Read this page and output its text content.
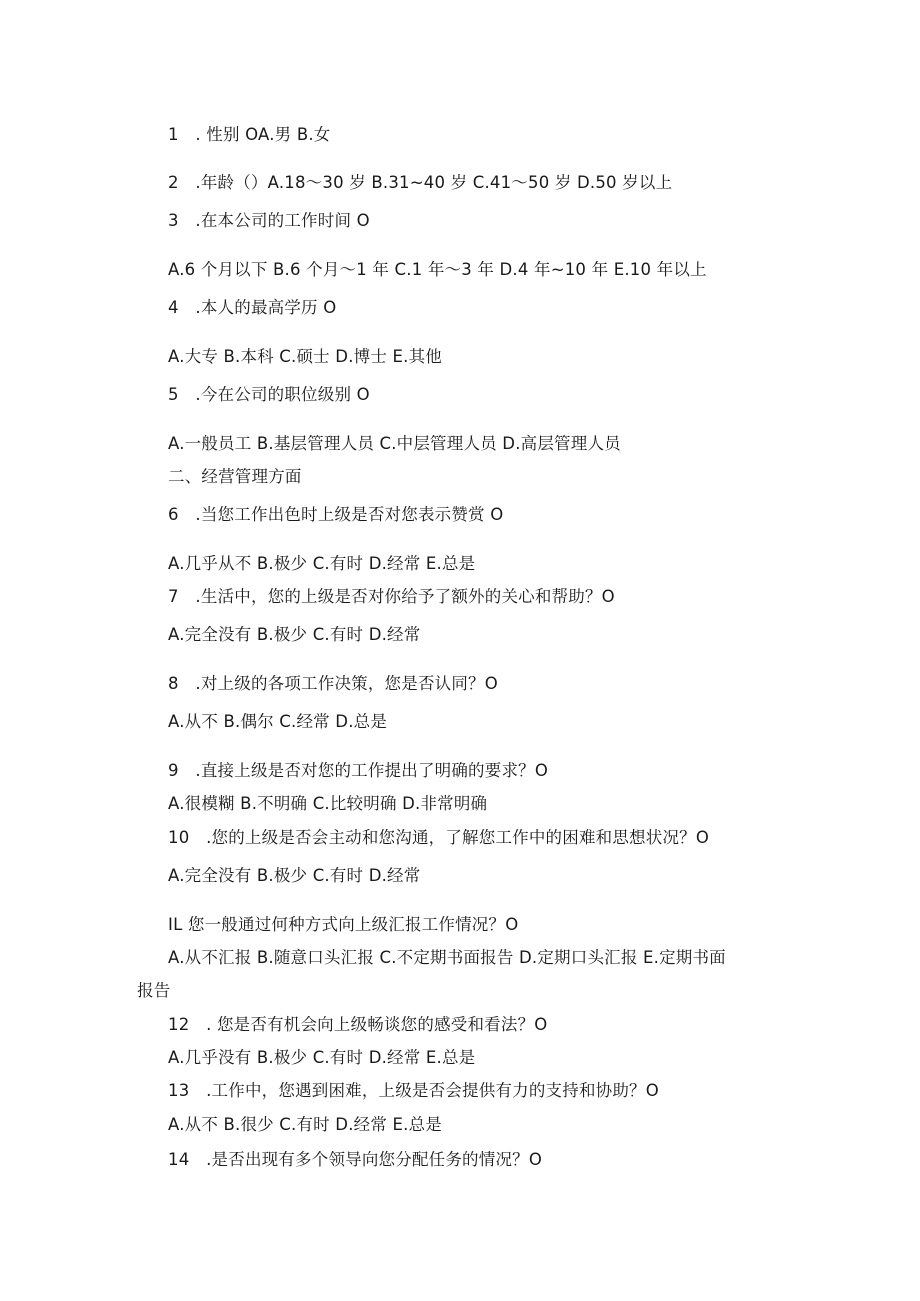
1　. 性别 OA.男 B.女
2　.年龄（）A.18～30 岁 B.31~40 岁 C.41～50 岁 D.50 岁以上
3　.在本公司的工作时间 O
A.6 个月以下 B.6 个月～1 年 C.1 年～3 年 D.4 年~10 年 E.10 年以上
4　.本人的最高学历 O
A.大专 B.本科 C.硕士 D.博士 E.其他
5　.今在公司的职位级别 O
A.一般员工 B.基层管理人员 C.中层管理人员 D.高层管理人员
二、经营管理方面
6　.当您工作出色时上级是否对您表示赞赏 O
A.几乎从不 B.极少 C.有时 D.经常 E.总是
7　.生活中，您的上级是否对你给予了额外的关心和帮助？O
A.完全没有 B.极少 C.有时 D.经常
8　.对上级的各项工作决策，您是否认同？O
A.从不 B.偶尔 C.经常 D.总是
9　.直接上级是否对您的工作提出了明确的要求？O
A.很模糊 B.不明确 C.比较明确 D.非常明确
10　.您的上级是否会主动和您沟通，了解您工作中的困难和思想状况？O
A.完全没有 B.极少 C.有时 D.经常
IL 您一般通过何种方式向上级汇报工作情况？O
A.从不汇报 B.随意口头汇报 C.不定期书面报告 D.定期口头汇报 E.定期书面
报告
12　. 您是否有机会向上级畅谈您的感受和看法？O
A.几乎没有 B.极少 C.有时 D.经常 E.总是
13　.工作中，您遇到困难，上级是否会提供有力的支持和协助？O
A.从不 B.很少 C.有时 D.经常 E.总是
14　.是否出现有多个领导向您分配任务的情况？O
